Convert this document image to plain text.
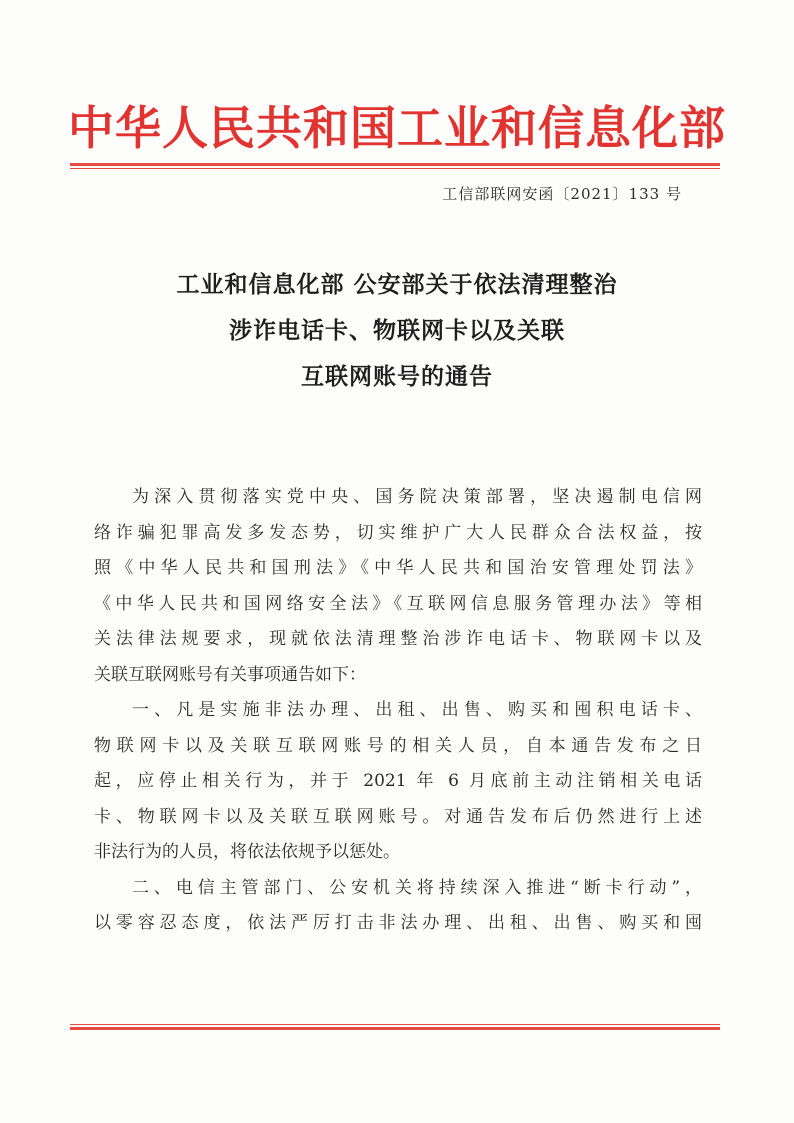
中华人民共和国工业和信息化部
工信部联网安函〔2021〕133 号
工业和信息化部 公安部关于依法清理整治
涉诈电话卡、物联网卡以及关联
互联网账号的通告
为深入贯彻落实党中央、国务院决策部署，坚决遏制电信网
络诈骗犯罪高发多发态势，切实维护广大人民群众合法权益，按
照《中华人民共和国刑法》《中华人民共和国治安管理处罚法》
《中华人民共和国网络安全法》《互联网信息服务管理办法》等相
关法律法规要求，现就依法清理整治涉诈电话卡、物联网卡以及
关联互联网账号有关事项通告如下：
一、凡是实施非法办理、出租、出售、购买和囤积电话卡、
物联网卡以及关联互联网账号的相关人员，自本通告发布之日
起，应停止相关行为，并于 2021 年 6 月底前主动注销相关电话
卡、物联网卡以及关联互联网账号。对通告发布后仍然进行上述
非法行为的人员，将依法依规予以惩处。
二、电信主管部门、公安机关将持续深入推进“断卡行动”，
以零容忍态度，依法严厉打击非法办理、出租、出售、购买和囤
